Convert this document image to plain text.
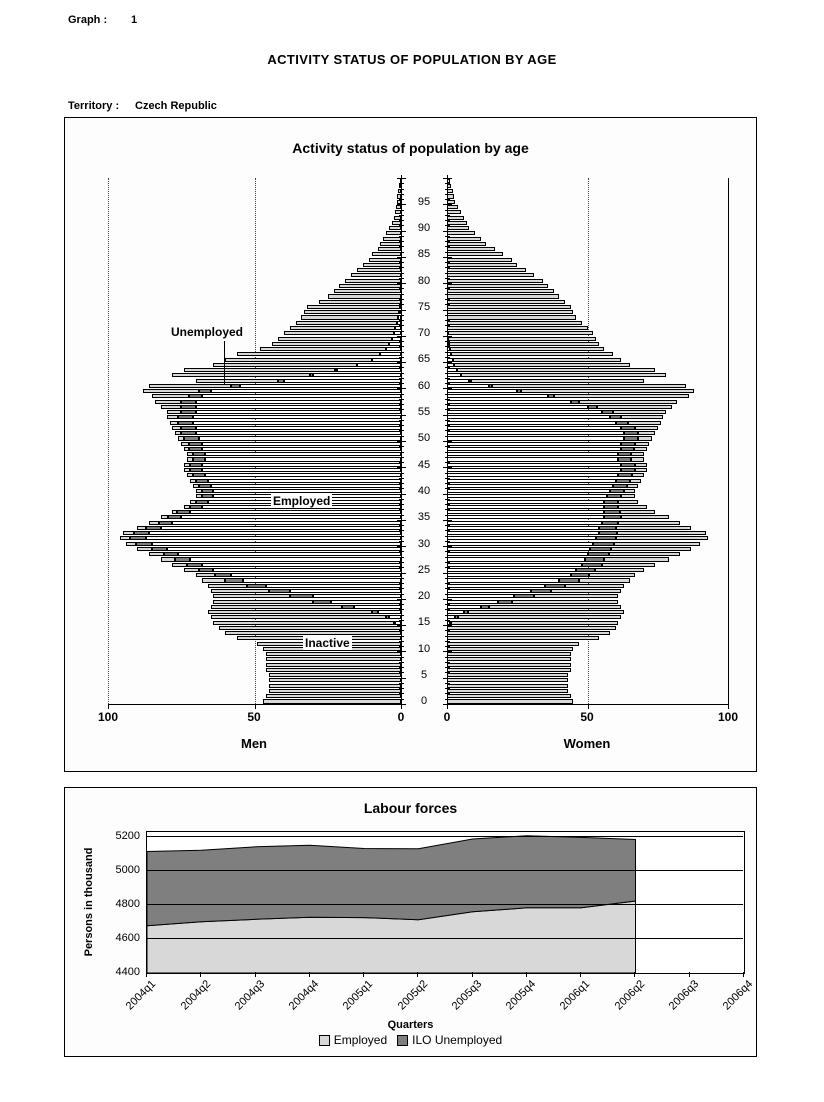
Graph : 1
ACTIVITY STATUS OF POPULATION BY AGE
Territory : Czech Republic
Activity status of population by age
0
5
10
15
20
25
30
35
40
45
50
55
60
65
70
75
80
85
90
95
100	50	0	0	50	100
Men	Women
Unemployed
Employed
Inactive
Labour forces
Persons in thousand
4400
4600
4800
5000
5200
2004q1 2004q2 2004q3 2004q4 2005q1 2005q2 2005q3 2005q4 2006q1 2006q2 2006q3 2006q4
Quarters
Employed ILO Unemployed
